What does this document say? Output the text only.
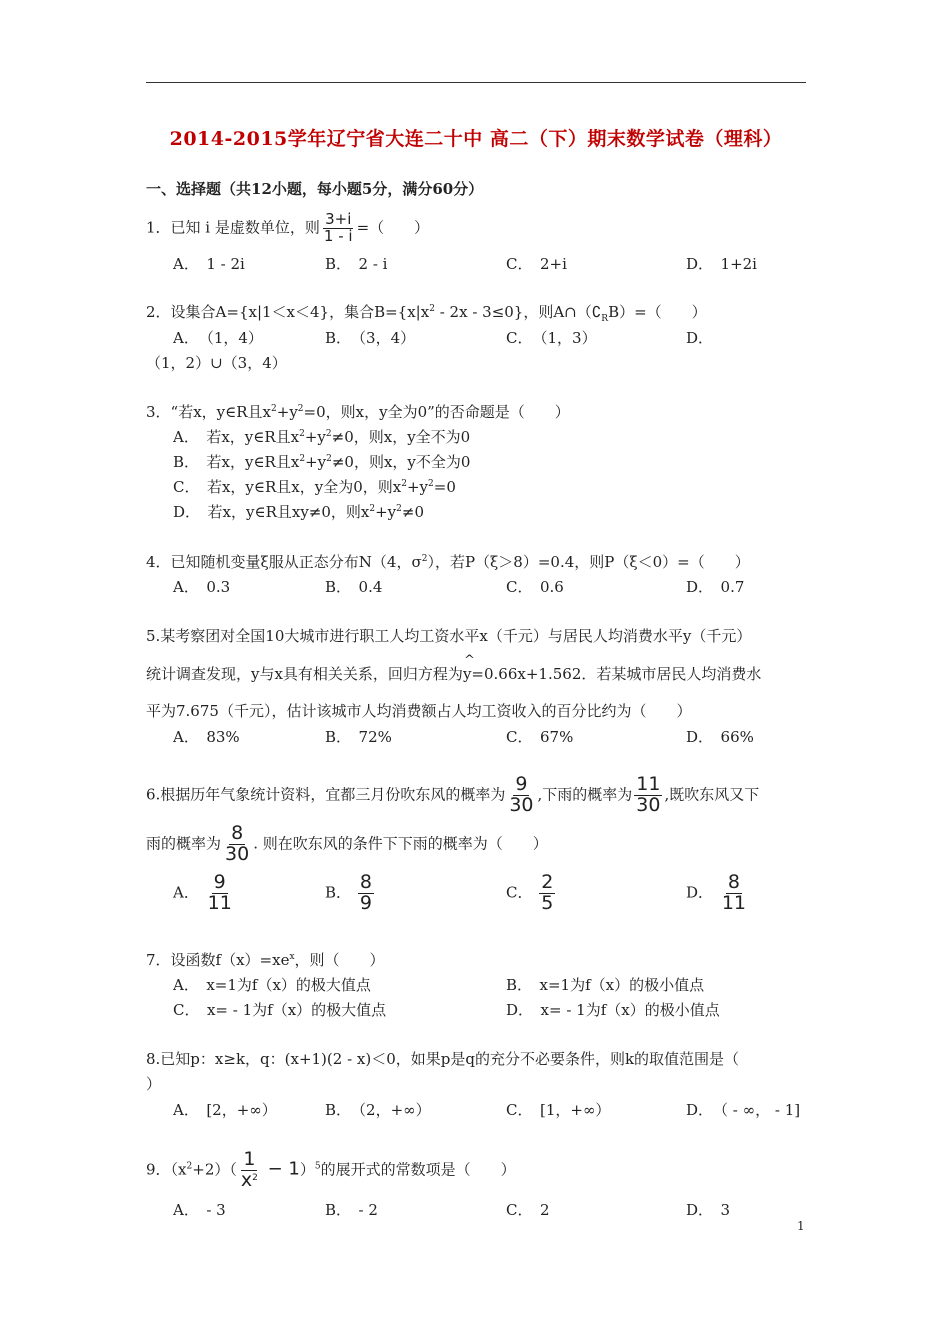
2014-2015学年辽宁省大连二十中 高二（下）期末数学试卷（理科）
一、选择题（共12小题，每小题5分，满分60分）
1．已知 i 是虚数单位，则 $\frac{3+i}{1 - i}$ =（　　）
A．　1 - 2i	B．　2 - i	C．　2+i	D．　1+2i
2．设集合A={x|1＜x＜4}，集合$B=\{x|x^2 - 2x - 3\le 0\}$，则$A\cap(∁_RB)=$（　　）
A．　（1，4）	B．　（3，4）	C．　（1，3）	D．
（1，2）∪（3，4）
3．“若x，y∈R且$x^2+y^2=0$，则x，y全为0”的否命题是（　　）
A．　若x，y∈R且$x^2+y^2\ne 0$，则x，y全不为0
B．　若x，y∈R且$x^2+y^2\ne 0$，则x，y不全为0
C．　若x，y∈R且x，y全为0，则$x^2+y^2=0$
D．　若x，y∈R且xy≠0，则$x^2+y^2\ne 0$
4．已知随机变量ξ服从正态分布N（4，$\sigma^2$），若P（ξ＞8）=0.4，则P（ξ＜0）=（　　）
A．　0.3	B．　0.4	C．　0.6	D．　0.7
5.某考察团对全国10大城市进行职工人均工资水平x（千元）与居民人均消费水平y（千元）
统计调查发现，y与x具有相关关系，回归方程为^ y=0.66x+1.562．若某城市居民人均消费水
平为7.675（千元），估计该城市人均消费额占人均工资收入的百分比约为（　　）
A．　83%	B．　72%	C．　67%	D．　66%
6.根据历年气象统计资料，宜都三月份吹东风的概率为 $\frac{9}{30}$ ,下雨的概率为 $\frac{11}{30}$ ,既吹东风又下
雨的概率为 $\frac{8}{30}$ . 则在吹东风的条件下下雨的概率为（　　）
A． $\frac{9}{11}$	B． $\frac{8}{9}$	C． $\frac{2}{5}$	D． $\frac{8}{11}$
7．设函数$f(x)=xe^x$，则（　　）
A．　x=1为f（x）的极大值点	B．　x=1为f（x）的极小值点
C．　x= - 1为f（x）的极大值点	D．　x= - 1为f（x）的极小值点
8.已知p：x≥k，q：(x+1)(2 - x)＜0，如果p是q的充分不必要条件，则k的取值范围是（
）
A．　[2，+∞）	B．　（2，+∞）	C．　[1，+∞）	D．　（ - ∞， - 1]
9．$(x^2+2)( \frac{1}{x^2} - 1)^5$的展开式的常数项是（　　）
A．　- 3	B．　- 2	C．　2	D．　3
1
